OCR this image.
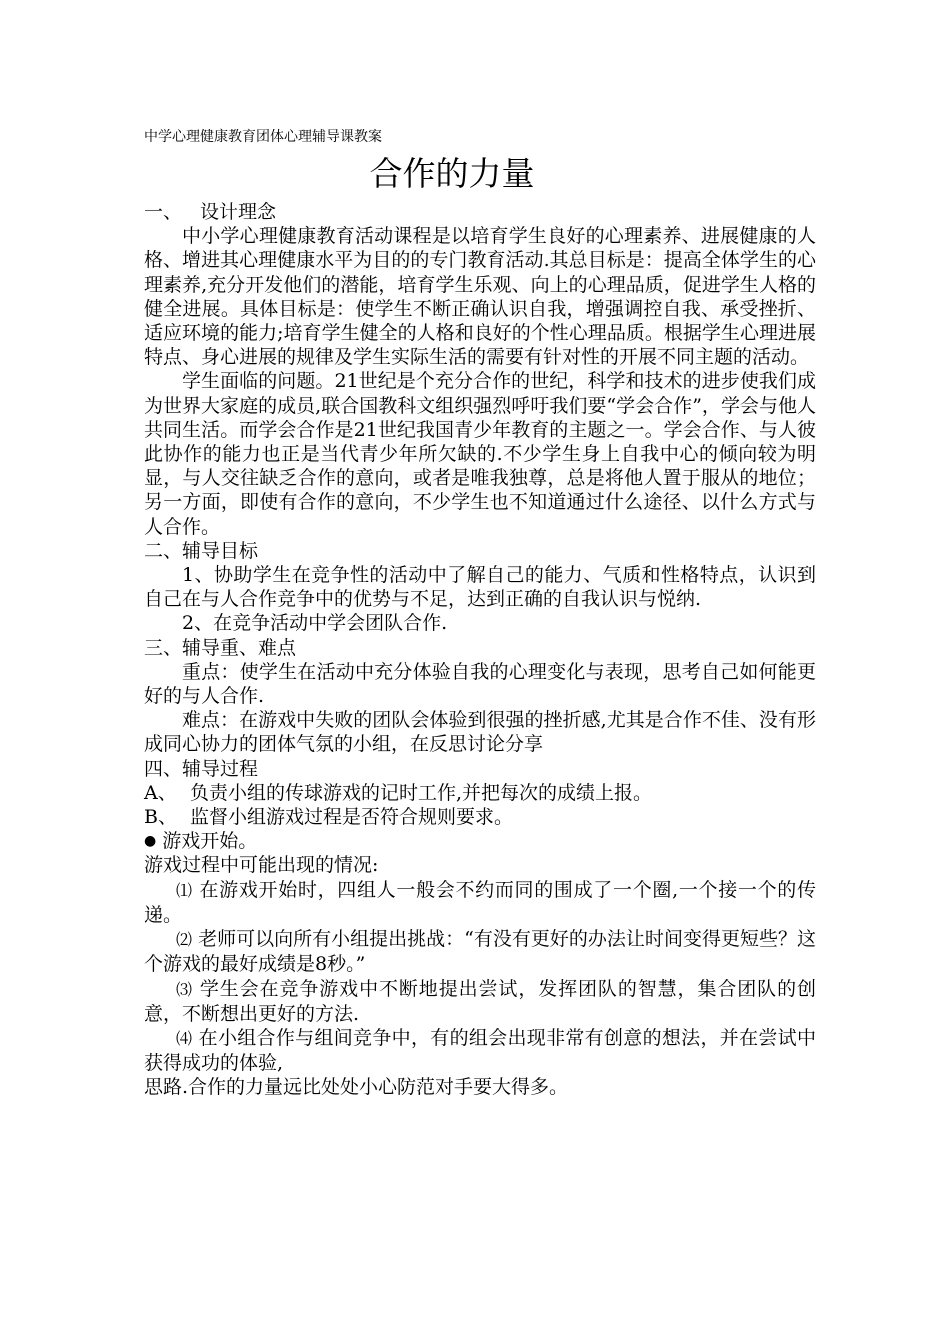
中学心理健康教育团体心理辅导课教案
合作的力量

一、 设计理念

中小学心理健康教育活动课程是以培育学生良好的心理素养、进展健康的人格、增进其心理健康水平为目的的专门教育活动.其总目标是：提高全体学生的心理素养,充分开发他们的潜能，培育学生乐观、向上的心理品质，促进学生人格的健全进展。具体目标是：使学生不断正确认识自我，增强调控自我、承受挫折、适应环境的能力;培育学生健全的人格和良好的个性心理品质。根据学生心理进展特点、身心进展的规律及学生实际生活的需要有针对性的开展不同主题的活动。

学生面临的问题。21世纪是个充分合作的世纪，科学和技术的进步使我们成为世界大家庭的成员,联合国教科文组织强烈呼吁我们要“学会合作”，学会与他人共同生活。而学会合作是21世纪我国青少年教育的主题之一。学会合作、与人彼此协作的能力也正是当代青少年所欠缺的.不少学生身上自我中心的倾向较为明显，与人交往缺乏合作的意向，或者是唯我独尊，总是将他人置于服从的地位；另一方面，即使有合作的意向，不少学生也不知道通过什么途径、以什么方式与人合作。

二、辅导目标

1、协助学生在竞争性的活动中了解自己的能力、气质和性格特点，认识到自己在与人合作竞争中的优势与不足，达到正确的自我认识与悦纳.

2、在竞争活动中学会团队合作.

三、辅导重、难点

重点：使学生在活动中充分体验自我的心理变化与表现，思考自己如何能更好的与人合作.

难点：在游戏中失败的团队会体验到很强的挫折感,尤其是合作不佳、没有形成同心协力的团体气氛的小组，在反思讨论分享

四、辅导过程

A、 负责小组的传球游戏的记时工作,并把每次的成绩上报。

B、 监督小组游戏过程是否符合规则要求。

● 游戏开始。

游戏过程中可能出现的情况:

⑴ 在游戏开始时，四组人一般会不约而同的围成了一个圈,一个接一个的传递。

⑵ 老师可以向所有小组提出挑战：“有没有更好的办法让时间变得更短些？这个游戏的最好成绩是8秒。”

⑶ 学生会在竞争游戏中不断地提出尝试，发挥团队的智慧，集合团队的创意，不断想出更好的方法.

⑷ 在小组合作与组间竞争中，有的组会出现非常有创意的想法，并在尝试中获得成功的体验,

思路.合作的力量远比处处小心防范对手要大得多。
